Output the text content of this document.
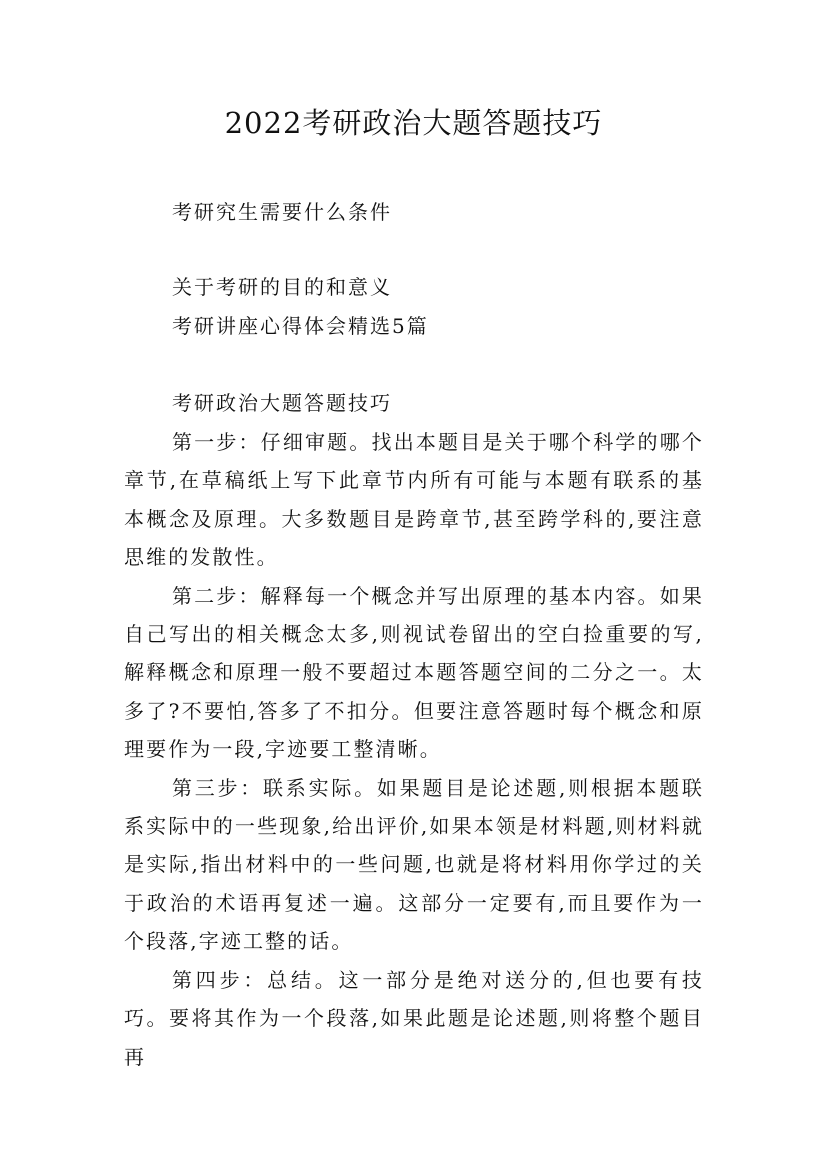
2022考研政治大题答题技巧
考研究生需要什么条件
关于考研的目的和意义
考研讲座心得体会精选5篇
考研政治大题答题技巧

第一步：仔细审题。找出本题目是关于哪个科学的哪个章节,在草稿纸上写下此章节内所有可能与本题有联系的基本概念及原理。大多数题目是跨章节,甚至跨学科的,要注意思维的发散性。

第二步：解释每一个概念并写出原理的基本内容。如果自己写出的相关概念太多,则视试卷留出的空白捡重要的写,解释概念和原理一般不要超过本题答题空间的二分之一。太多了?不要怕,答多了不扣分。但要注意答题时每个概念和原理要作为一段,字迹要工整清晰。

第三步：联系实际。如果题目是论述题,则根据本题联系实际中的一些现象,给出评价,如果本领是材料题,则材料就是实际,指出材料中的一些问题,也就是将材料用你学过的关于政治的术语再复述一遍。这部分一定要有,而且要作为一个段落,字迹工整的话。

第四步：总结。这一部分是绝对送分的,但也要有技巧。要将其作为一个段落,如果此题是论述题,则将整个题目再
